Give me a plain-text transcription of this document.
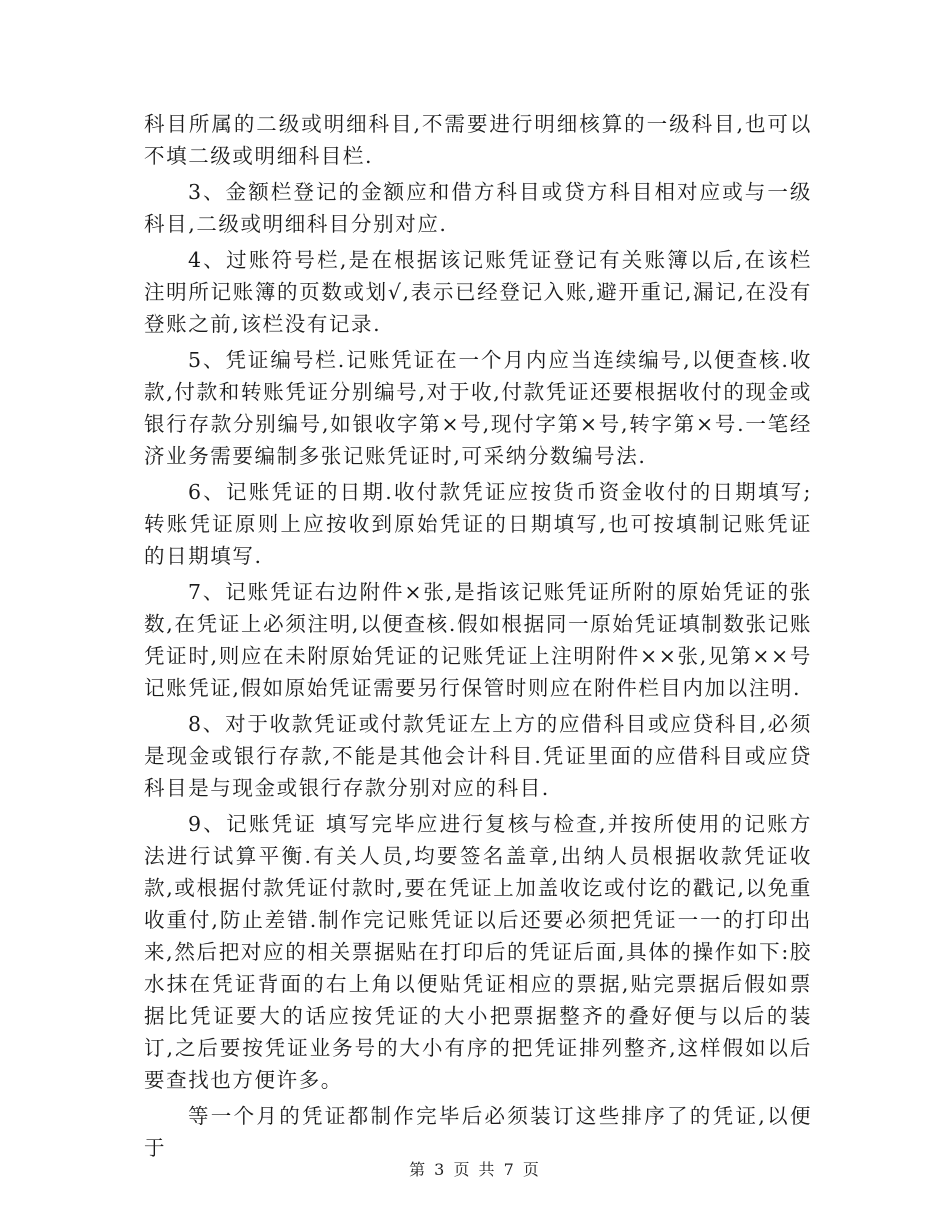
科目所属的二级或明细科目,不需要进行明细核算的一级科目,也可以不填二级或明细科目栏.

3、金额栏登记的金额应和借方科目或贷方科目相对应或与一级科目,二级或明细科目分别对应.

4、过账符号栏,是在根据该记账凭证登记有关账簿以后,在该栏注明所记账簿的页数或划√,表示已经登记入账,避开重记,漏记,在没有登账之前,该栏没有记录.

5、凭证编号栏.记账凭证在一个月内应当连续编号,以便查核.收款,付款和转账凭证分别编号,对于收,付款凭证还要根据收付的现金或银行存款分别编号,如银收字第×号,现付字第×号,转字第×号.一笔经济业务需要编制多张记账凭证时,可采纳分数编号法.

6、记账凭证的日期.收付款凭证应按货币资金收付的日期填写;转账凭证原则上应按收到原始凭证的日期填写,也可按填制记账凭证的日期填写.

7、记账凭证右边附件×张,是指该记账凭证所附的原始凭证的张数,在凭证上必须注明,以便查核.假如根据同一原始凭证填制数张记账凭证时,则应在未附原始凭证的记账凭证上注明附件××张,见第××号记账凭证,假如原始凭证需要另行保管时则应在附件栏目内加以注明.

8、对于收款凭证或付款凭证左上方的应借科目或应贷科目,必须是现金或银行存款,不能是其他会计科目.凭证里面的应借科目或应贷科目是与现金或银行存款分别对应的科目.

9、记账凭证 填写完毕应进行复核与检查,并按所使用的记账方法进行试算平衡.有关人员,均要签名盖章,出纳人员根据收款凭证收款,或根据付款凭证付款时,要在凭证上加盖收讫或付讫的戳记,以免重收重付,防止差错.制作完记账凭证以后还要必须把凭证一一的打印出来,然后把对应的相关票据贴在打印后的凭证后面,具体的操作如下:胶水抹在凭证背面的右上角以便贴凭证相应的票据,贴完票据后假如票据比凭证要大的话应按凭证的大小把票据整齐的叠好便与以后的装订,之后要按凭证业务号的大小有序的把凭证排列整齐,这样假如以后要查找也方便许多。

等一个月的凭证都制作完毕后必须装订这些排序了的凭证,以便于

第 3 页 共 7 页
